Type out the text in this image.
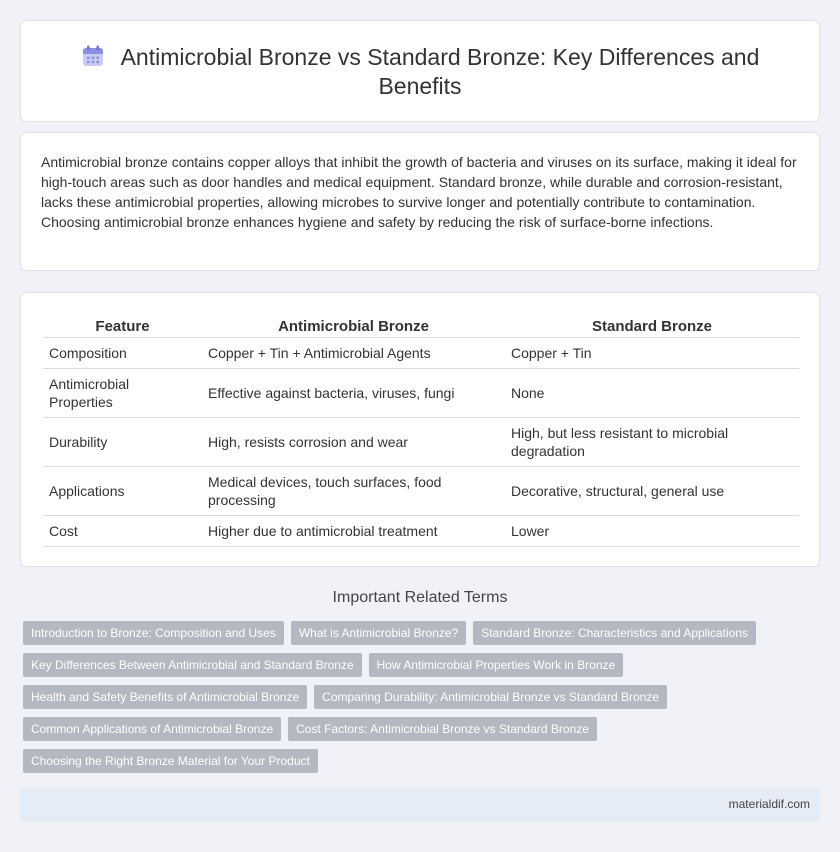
Antimicrobial Bronze vs Standard Bronze: Key Differences and Benefits

Antimicrobial bronze contains copper alloys that inhibit the growth of bacteria and viruses on its surface, making it ideal for high-touch areas such as door handles and medical equipment. Standard bronze, while durable and corrosion-resistant, lacks these antimicrobial properties, allowing microbes to survive longer and potentially contribute to contamination. Choosing antimicrobial bronze enhances hygiene and safety by reducing the risk of surface-borne infections.

Feature	Antimicrobial Bronze	Standard Bronze
Composition	Copper + Tin + Antimicrobial Agents	Copper + Tin
Antimicrobial Properties	Effective against bacteria, viruses, fungi	None
Durability	High, resists corrosion and wear	High, but less resistant to microbial degradation
Applications	Medical devices, touch surfaces, food processing	Decorative, structural, general use
Cost	Higher due to antimicrobial treatment	Lower
Important Related Terms
Introduction to Bronze: Composition and Uses	What is Antimicrobial Bronze?	Standard Bronze: Characteristics and Applications
Key Differences Between Antimicrobial and Standard Bronze	How Antimicrobial Properties Work in Bronze
Health and Safety Benefits of Antimicrobial Bronze	Comparing Durability: Antimicrobial Bronze vs Standard Bronze
Common Applications of Antimicrobial Bronze	Cost Factors: Antimicrobial Bronze vs Standard Bronze
Choosing the Right Bronze Material for Your Product
materialdif.com
